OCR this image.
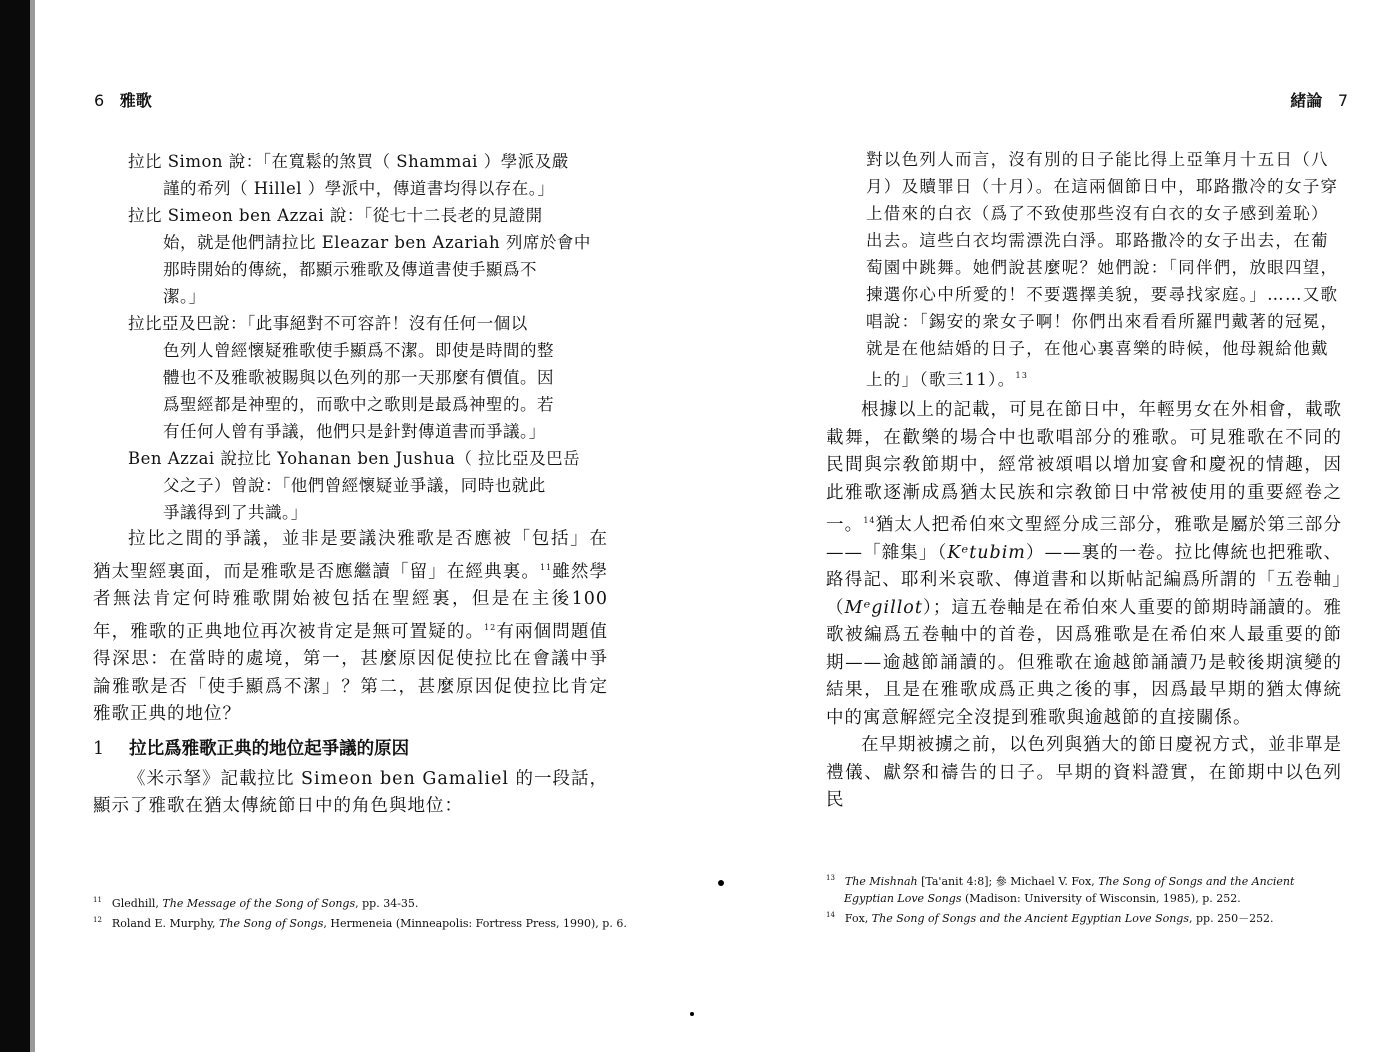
6 雅歌

拉比 Simon 說：「在寬鬆的煞買（ Shammai ）學派及嚴
謹的希列（ Hillel ）學派中，傳道書均得以存在。」

拉比 Simeon ben Azzai 說：「從七十二長老的見證開
始，就是他們請拉比 Eleazar ben Azariah 列席於會中
那時開始的傳統，都顯示雅歌及傳道書使手顯爲不
潔。」

拉比亞及巴說：「此事絕對不可容許！沒有任何一個以
色列人曾經懷疑雅歌使手顯爲不潔。即使是時間的整
體也不及雅歌被賜與以色列的那一天那麼有價值。因
爲聖經都是神聖的，而歌中之歌則是最爲神聖的。若
有任何人曾有爭議，他們只是針對傳道書而爭議。」

Ben Azzai 說拉比 Yohanan ben Jushua（ 拉比亞及巴岳
父之子）曾說：「他們曾經懷疑並爭議，同時也就此
爭議得到了共識。」

拉比之間的爭議，並非是要議決雅歌是否應被「包括」在猶太聖經裏面，而是雅歌是否應繼讀「留」在經典裏。$^{11}$雖然學者無法肯定何時雅歌開始被包括在聖經裏，但是在主後100年，雅歌的正典地位再次被肯定是無可置疑的。$^{12}$有兩個問題值得深思：在當時的處境，第一，甚麼原因促使拉比在會議中爭論雅歌是否「使手顯爲不潔」？第二，甚麼原因促使拉比肯定雅歌正典的地位？

1 拉比爲雅歌正典的地位起爭議的原因

《米示拏》記載拉比 Simeon ben Gamaliel 的一段話，顯示了雅歌在猶太傳統節日中的角色與地位：

$^{11}$ Gledhill, The Message of the Song of Songs, pp. 34-35.

$^{12}$ Roland E. Murphy, The Song of Songs, Hermeneia (Minneapolis: Fortress Press, 1990), p. 6.

緒論 7

對以色列人而言，沒有別的日子能比得上亞筆月十五日（八月）及贖罪日（十月）。在這兩個節日中，耶路撒冷的女子穿上借來的白衣（爲了不致使那些沒有白衣的女子感到羞恥）出去。這些白衣均需漂洗白淨。耶路撒冷的女子出去，在葡萄園中跳舞。她們說甚麼呢？她們說：「同伴們，放眼四望，揀選你心中所愛的！不要選擇美貌，要尋找家庭。」……又歌唱說：「錫安的衆女子啊！你們出來看看所羅門戴著的冠冕，就是在他結婚的日子，在他心裏喜樂的時候，他母親給他戴上的」（歌三11）。$^{13}$

根據以上的記載，可見在節日中，年輕男女在外相會，載歌載舞，在歡樂的場合中也歌唱部分的雅歌。可見雅歌在不同的民間與宗敎節期中，經常被頌唱以增加宴會和慶祝的情趣，因此雅歌逐漸成爲猶太民族和宗敎節日中常被使用的重要經卷之一。$^{14}$猶太人把希伯來文聖經分成三部分，雅歌是屬於第三部分——「雜集」（Kᵉtubim）——裏的一卷。拉比傳統也把雅歌、路得記、耶利米哀歌、傳道書和以斯帖記編爲所謂的「五卷軸」（Mᵉgillot）；這五卷軸是在希伯來人重要的節期時誦讀的。雅歌被編爲五卷軸中的首卷，因爲雅歌是在希伯來人最重要的節期——逾越節誦讀的。但雅歌在逾越節誦讀乃是較後期演變的結果，且是在雅歌成爲正典之後的事，因爲最早期的猶太傳統中的寓意解經完全沒提到雅歌與逾越節的直接關係。

在早期被擄之前，以色列與猶大的節日慶祝方式，並非單是禮儀、獻祭和禱告的日子。早期的資料證實，在節期中以色列民

$^{13}$ The Mishnah [Ta'anit 4:8]; 參 Michael V. Fox, The Song of Songs and the Ancient Egyptian Love Songs (Madison: University of Wisconsin, 1985), p. 252.

$^{14}$ Fox, The Song of Songs and the Ancient Egyptian Love Songs, pp. 250－252.
